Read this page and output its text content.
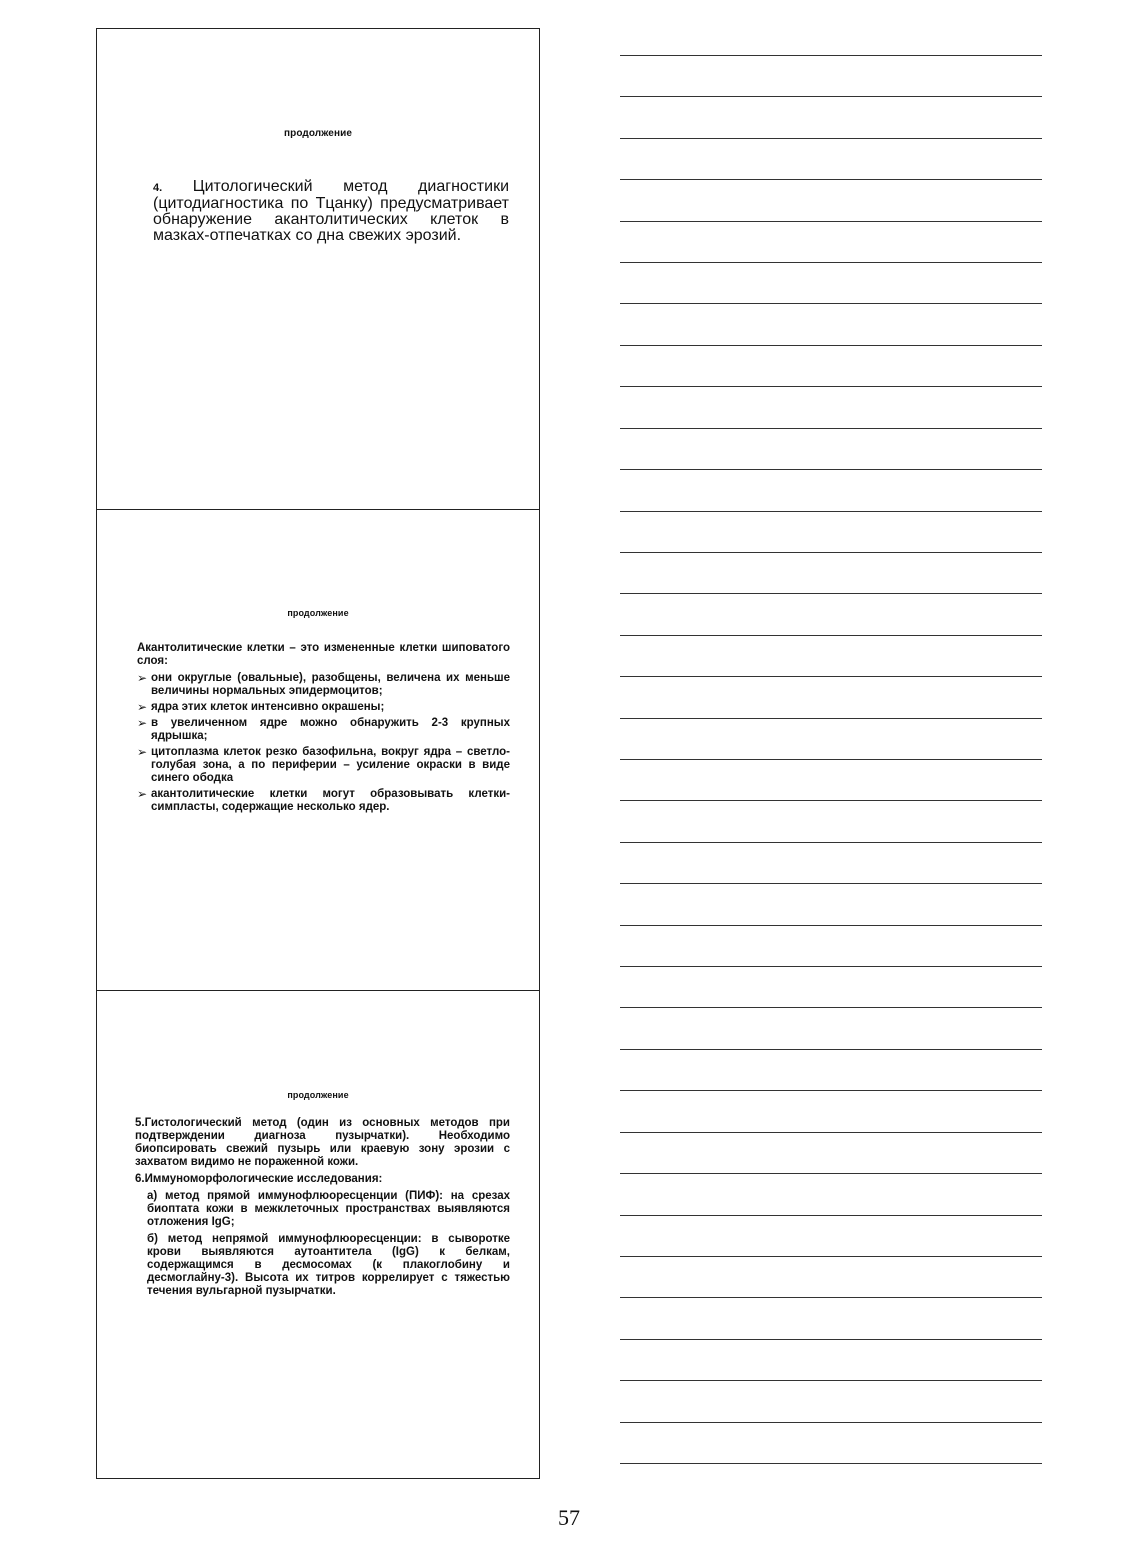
продолжение
4. Цитологический метод диагностики (цитодиагностика по Тцанку) предусматривает обнаружение акантолитических клеток в мазках-отпечатках со дна свежих эрозий.
продолжение

Акантолитические клетки – это измененные клетки шиповатого слоя:

➢ они округлые (овальные), разобщены, величена их меньше величины нормальных эпидермоцитов;
➢ ядра этих клеток интенсивно окрашены;
➢ в увеличенном ядре можно обнаружить 2-3 крупных ядрышка;
➢ цитоплазма клеток резко базофильна, вокруг ядра – светло-голубая зона, а по периферии – усиление окраски в виде синего ободка
➢ акантолитические клетки могут образовывать клетки-симпласты, содержащие несколько ядер.
продолжение

5.Гистологический метод (один из основных методов при подтверждении диагноза пузырчатки). Необходимо биопсировать свежий пузырь или краевую зону эрозии с захватом видимо не пораженной кожи.

6.Иммуноморфологические исследования:

а) метод прямой иммунофлюоресценции (ПИФ): на срезах биоптата кожи в межклеточных пространствах выявляются отложения IgG;

б) метод непрямой иммунофлюоресценции: в сыворотке крови выявляются аутоантитела (IgG) к белкам, содержащимся в десмосомах (к плакоглобину и десмоглайну-3). Высота их титров коррелирует с тяжестью течения вульгарной пузырчатки.

57
